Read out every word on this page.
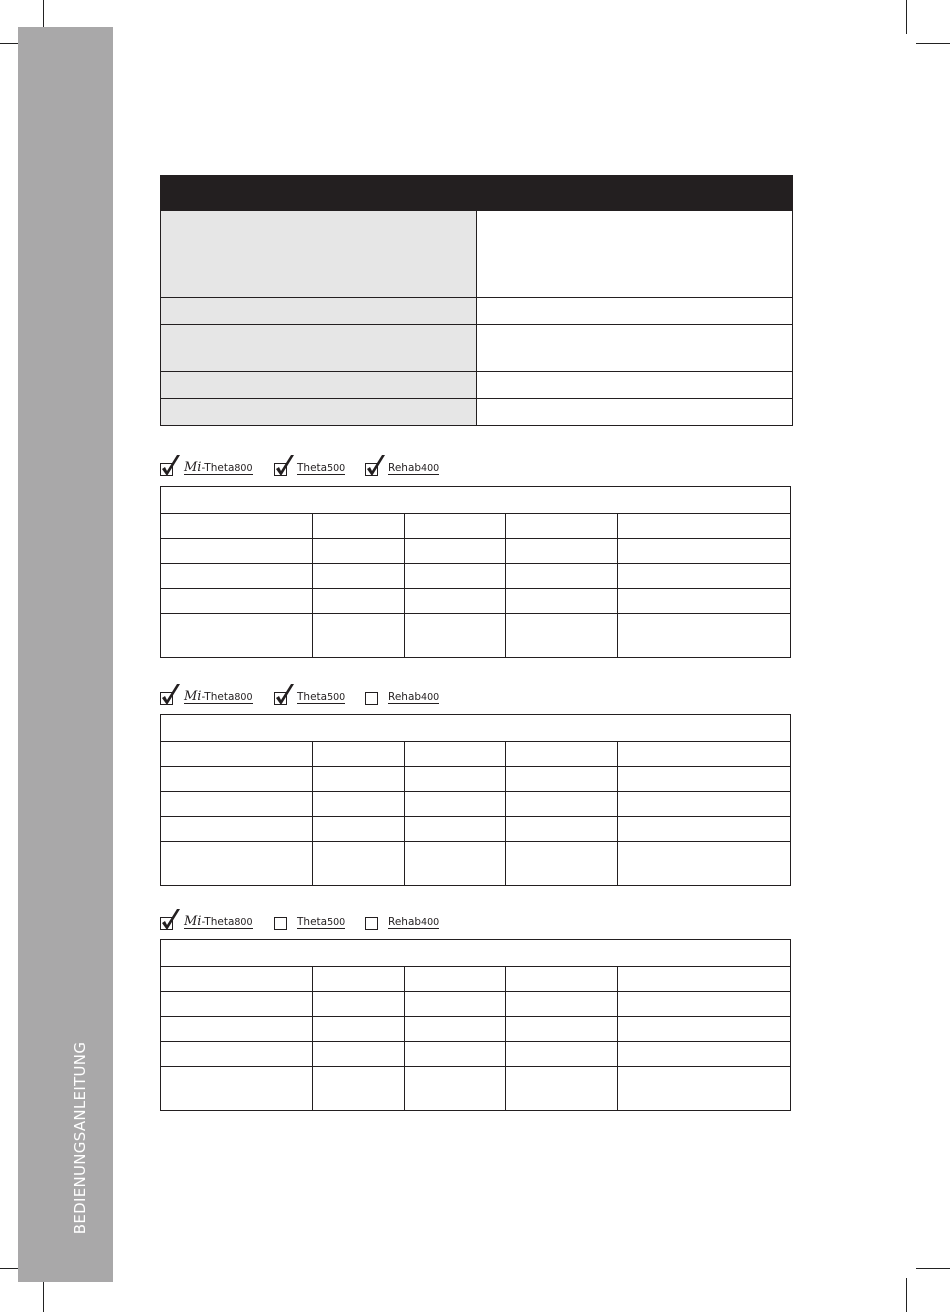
BEDIENUNGSANLEITUNG

Mi-Theta800	Theta500	Rehab400
Mi-Theta800	Theta500	Rehab400
Mi-Theta800	Theta500	Rehab400
